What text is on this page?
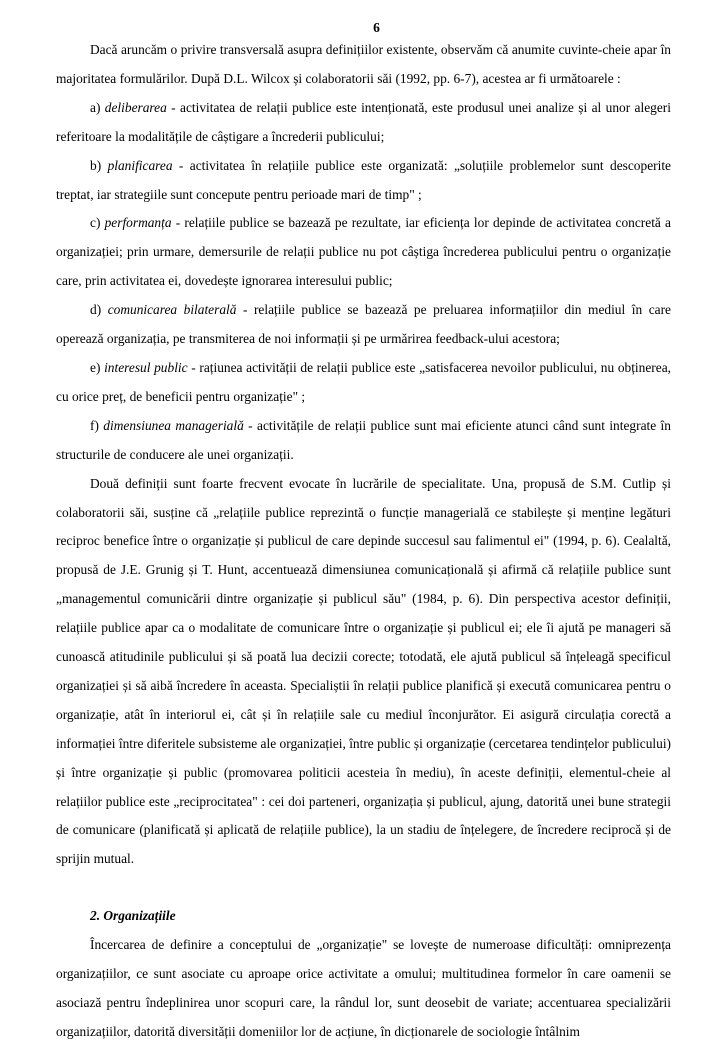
6

Dacă aruncăm o privire transversală asupra definițiilor existente, observăm că anumite cuvinte-cheie apar în majoritatea formulărilor. După D.L. Wilcox și colaboratorii săi (1992, pp. 6-7), acestea ar fi următoarele :

a) deliberarea - activitatea de relații publice este intenționată, este produsul unei analize și al unor alegeri referitoare la modalitățile de câștigare a încrederii publicului;

b) planificarea - activitatea în relațiile publice este organizată: „soluțiile problemelor sunt descoperite treptat, iar strategiile sunt concepute pentru perioade mari de timp" ;

c) performanța - relațiile publice se bazează pe rezultate, iar eficiența lor depinde de activitatea concretă a organizației; prin urmare, demersurile de relații publice nu pot câștiga încrederea publicului pentru o organizație care, prin activitatea ei, dovedește ignorarea interesului public;

d) comunicarea bilaterală - relațiile publice se bazează pe preluarea informațiilor din mediul în care operează organizația, pe transmiterea de noi informații și pe urmărirea feedback-ului acestora;

e) interesul public - rațiunea activității de relații publice este „satisfacerea nevoilor publicului, nu obținerea, cu orice preț, de beneficii pentru organizație" ;

f) dimensiunea managerială - activitățile de relații publice sunt mai eficiente atunci când sunt integrate în structurile de conducere ale unei organizații.

Două definiții sunt foarte frecvent evocate în lucrările de specialitate. Una, propusă de S.M. Cutlip și colaboratorii săi, susține că „relațiile publice reprezintă o funcție managerială ce stabilește și menține legături reciproc benefice între o organizație și publicul de care depinde succesul sau falimentul ei" (1994, p. 6). Cealaltă, propusă de J.E. Grunig și T. Hunt, accentuează dimensiunea comunicațională și afirmă că relațiile publice sunt „managementul comunicării dintre organizație și publicul său" (1984, p. 6). Din perspectiva acestor definiții, relațiile publice apar ca o modalitate de comunicare între o organizație și publicul ei; ele îi ajută pe manageri să cunoască atitudinile publicului și să poată lua decizii corecte; totodată, ele ajută publicul să înțeleagă specificul organizației și să aibă încredere în aceasta. Specialiștii în relații publice planifică și execută comunicarea pentru o organizație, atât în interiorul ei, cât și în relațiile sale cu mediul înconjurător. Ei asigură circulația corectă a informației între diferitele subsisteme ale organizației, între public și organizație (cercetarea tendințelor publicului) și între organizație și public (promovarea politicii acesteia în mediu), în aceste definiții, elementul-cheie al relațiilor publice este „reciprocitatea" : cei doi parteneri, organizația și publicul, ajung, datorită unei bune strategii de comunicare (planificată și aplicată de relațiile publice), la un stadiu de înțelegere, de încredere reciprocă și de sprijin mutual.

2. Organizațiile

Încercarea de definire a conceptului de „organizație" se lovește de numeroase dificultăți: omniprezența organizațiilor, ce sunt asociate cu aproape orice activitate a omului; multitudinea formelor în care oamenii se asociază pentru îndeplinirea unor scopuri care, la rândul lor, sunt deosebit de variate; accentuarea specializării organizațiilor, datorită diversității domeniilor lor de acțiune, în dicționarele de sociologie întâlnim
